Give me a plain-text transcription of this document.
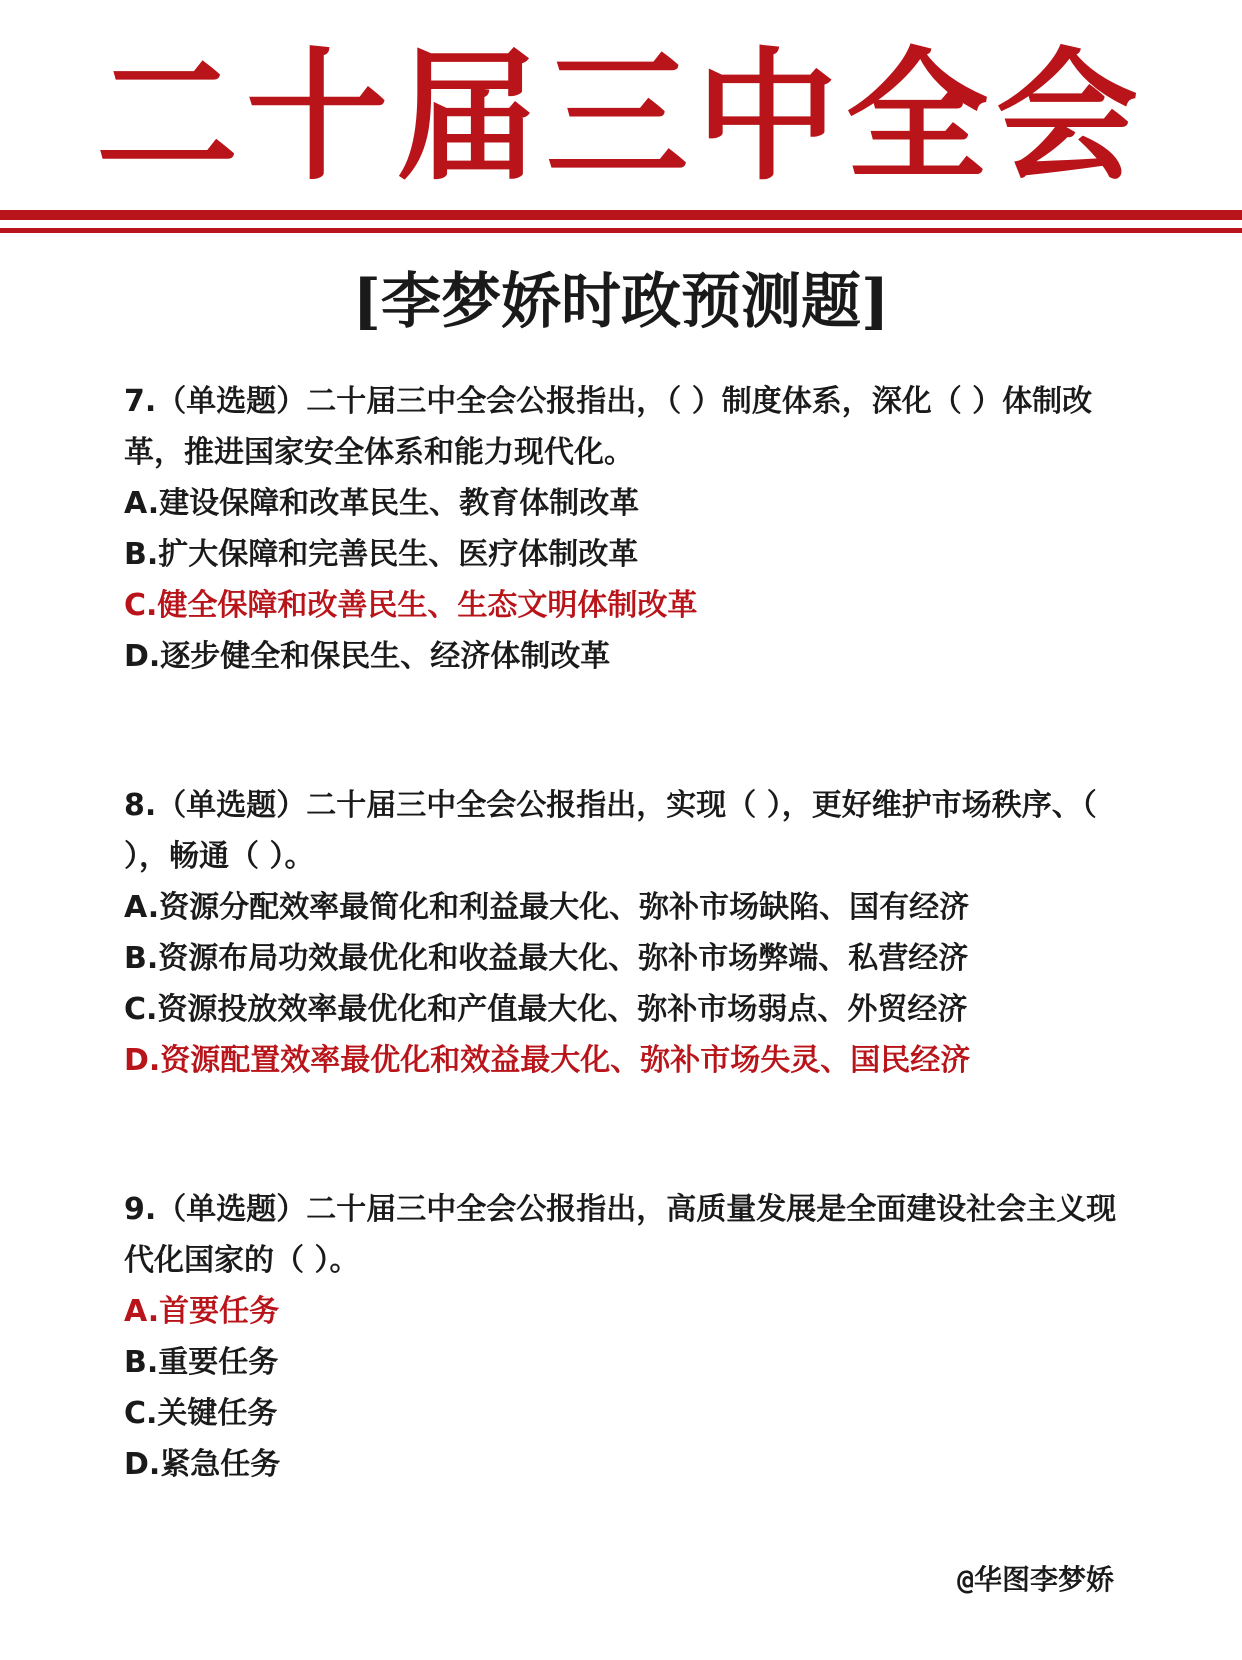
二十届三中全会
[李梦娇时政预测题]

7.（单选题）二十届三中全会公报指出，（ ）制度体系，深化（ ）体制改革，推进国家安全体系和能力现代化。

A.建设保障和改革民生、教育体制改革

B.扩大保障和完善民生、医疗体制改革

C.健全保障和改善民生、生态文明体制改革

D.逐步健全和保民生、经济体制改革

8.（单选题）二十届三中全会公报指出，实现（ ），更好维护市场秩序、（ ），畅通（ ）。

A.资源分配效率最简化和利益最大化、弥补市场缺陷、国有经济

B.资源布局功效最优化和收益最大化、弥补市场弊端、私营经济

C.资源投放效率最优化和产值最大化、弥补市场弱点、外贸经济

D.资源配置效率最优化和效益最大化、弥补市场失灵、国民经济

9.（单选题）二十届三中全会公报指出，高质量发展是全面建设社会主义现代化国家的（ ）。

A.首要任务

B.重要任务

C.关键任务

D.紧急任务

@华图李梦娇
